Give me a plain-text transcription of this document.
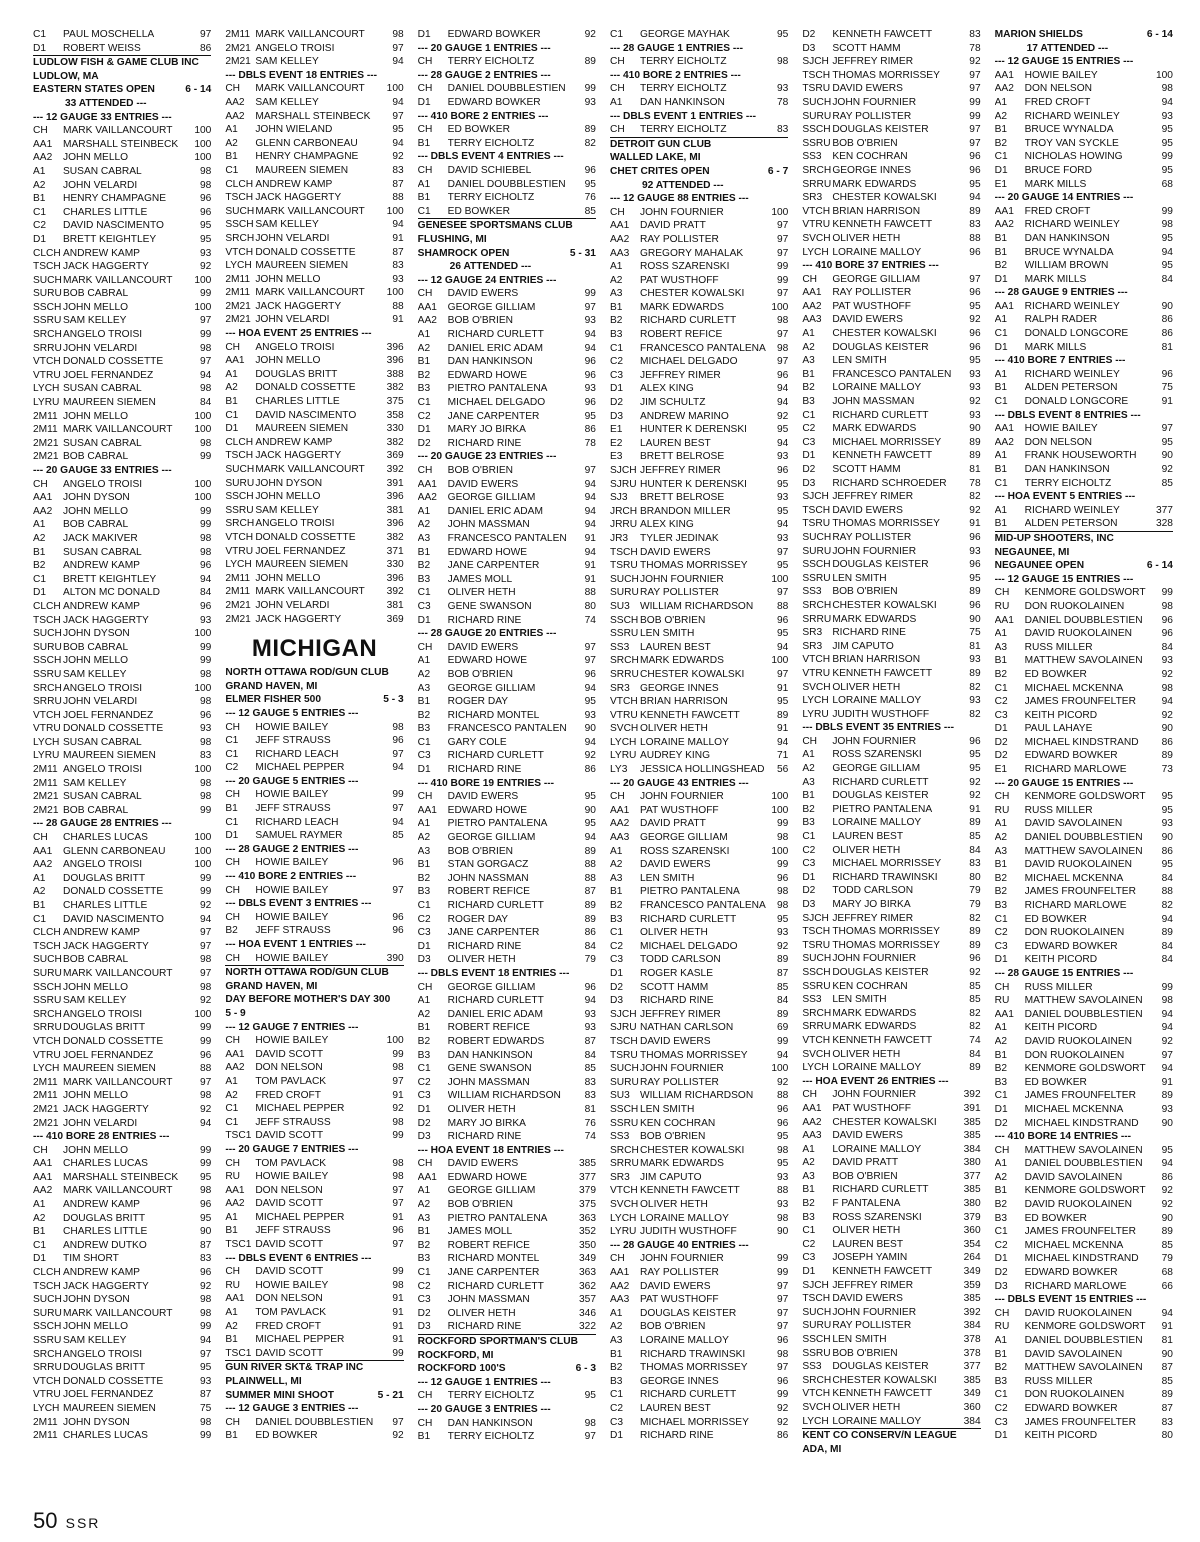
C1	PAUL MOSCHELLA	97
D1	ROBERT WEISS	86
LUDLOW FISH & GAME CLUB INC
LUDLOW, MA
EASTERN STATES OPEN	6 - 14
33 ATTENDED ---
--- 12 GAUGE 33 ENTRIES ---
CH	MARK VAILLANCOURT	100
AA1	MARSHALL STEINBECK	100
AA2	JOHN MELLO	100
A1	SUSAN CABRAL	98
A2	JOHN VELARDI	98
B1	HENRY CHAMPAGNE	96
C1	CHARLES LITTLE	96
C2	DAVID NASCIMENTO	95
D1	BRETT KEIGHTLEY	95
CLCH ANDREW KAMP	93
TSCH JACK HAGGERTY	92
SUCH MARK VAILLANCOURT	100
SURU BOB CABRAL	99
SSCH JOHN MELLO	100
SSRU SAM KELLEY	97
SRCH ANGELO TROISI	99
SRRU JOHN VELARDI	98
VTCH DONALD COSSETTE	97
VTRU JOEL FERNANDEZ	94
LYCH SUSAN CABRAL	98
LYRU MAUREEN SIEMEN	84
2M11 JOHN MELLO	100
2M11 MARK VAILLANCOURT	100
2M21 SUSAN CABRAL	98
2M21 BOB CABRAL	99
--- 20 GAUGE 33 ENTRIES ---
CH	ANGELO TROISI	100
AA1	JOHN DYSON	100
AA2	JOHN MELLO	99
A1	BOB CABRAL	99
A2	JACK MAKIVER	98
B1	SUSAN CABRAL	98
B2	ANDREW KAMP	96
C1	BRETT KEIGHTLEY	94
D1	ALTON MC DONALD	84
CLCH ANDREW KAMP	96
TSCH JACK HAGGERTY	93
SUCH JOHN DYSON	100
SURU BOB CABRAL	99
SSCH JOHN MELLO	99
SSRU SAM KELLEY	98
SRCH ANGELO TROISI	100
SRRU JOHN VELARDI	98
VTCH JOEL FERNANDEZ	96
VTRU DONALD COSSETTE	93
LYCH SUSAN CABRAL	98
LYRU MAUREEN SIEMEN	83
2M11 ANGELO TROISI	100
2M11 SAM KELLEY	98
2M21 SUSAN CABRAL	98
2M21 BOB CABRAL	99
--- 28 GAUGE 28 ENTRIES ---
CH	CHARLES LUCAS	100
AA1	GLENN CARBONEAU	100
AA2	ANGELO TROISI	100
A1	DOUGLAS BRITT	99
A2	DONALD COSSETTE	99
B1	CHARLES LITTLE	92
C1	DAVID NASCIMENTO	94
CLCH ANDREW KAMP	97
TSCH JACK HAGGERTY	97
SUCH BOB CABRAL	98
SURU MARK VAILLANCOURT	97
SSCH JOHN MELLO	98
SSRU SAM KELLEY	92
SRCH ANGELO TROISI	100
SRRU DOUGLAS BRITT	99
VTCH DONALD COSSETTE	99
VTRU JOEL FERNANDEZ	96
LYCH MAUREEN SIEMEN	88
2M11 MARK VAILLANCOURT	97
2M11 JOHN MELLO	98
2M21 JACK HAGGERTY	92
2M21 JOHN VELARDI	94
--- 410 BORE 28 ENTRIES ---
CH	JOHN MELLO	99
AA1	CHARLES LUCAS	99
AA1	MARSHALL STEINBECK	95
AA2	MARK VAILLANCOURT	98
A1	ANDREW KAMP	96
A2	DOUGLAS BRITT	95
B1	CHARLES LITTLE	90
C1	ANDREW DUTKO	87
D1	TIM SHORT	83
CLCH ANDREW KAMP	96
TSCH JACK HAGGERTY	92
SUCH JOHN DYSON	98
SURU MARK VAILLANCOURT	98
SSCH JOHN MELLO	99
SSRU SAM KELLEY	94
SRCH ANGELO TROISI	97
SRRU DOUGLAS BRITT	95
VTCH DONALD COSSETTE	93
VTRU JOEL FERNANDEZ	87
LYCH MAUREEN SIEMEN	75
2M11 JOHN DYSON	98
2M11 CHARLES LUCAS	99
2M11 MARK VAILLANCOURT	98
2M21 ANGELO TROISI	97
2M21 SAM KELLEY	94
--- DBLS EVENT 18 ENTRIES ---
CH	MARK VAILLANCOURT	100
AA2	SAM KELLEY	94
AA2	MARSHALL STEINBECK	97
A1	JOHN WIELAND	95
A2	GLENN CARBONEAU	94
B1	HENRY CHAMPAGNE	92
C1	MAUREEN SIEMEN	83
CLCH ANDREW KAMP	87
TSCH JACK HAGGERTY	88
SUCH MARK VAILLANCOURT	100
SSCH SAM KELLEY	94
SRCH JOHN VELARDI	91
VTCH DONALD COSSETTE	87
LYCH MAUREEN SIEMEN	83
2M11 JOHN MELLO	93
2M11 MARK VAILLANCOURT	100
2M21 JACK HAGGERTY	88
2M21 JOHN VELARDI	91
--- HOA EVENT 25 ENTRIES ---
CH	ANGELO TROISI	396
AA1	JOHN MELLO	396
A1	DOUGLAS BRITT	388
A2	DONALD COSSETTE	382
B1	CHARLES LITTLE	375
C1	DAVID NASCIMENTO	358
D1	MAUREEN SIEMEN	330
CLCH ANDREW KAMP	382
TSCH JACK HAGGERTY	369
SUCH MARK VAILLANCOURT	392
SURU JOHN DYSON	391
SSCH JOHN MELLO	396
SSRU SAM KELLEY	381
SRCH ANGELO TROISI	396
VTCH DONALD COSSETTE	382
VTRU JOEL FERNANDEZ	371
LYCH MAUREEN SIEMEN	330
2M11 JOHN MELLO	396
2M11 MARK VAILLANCOURT	392
2M21 JOHN VELARDI	381
2M21 JACK HAGGERTY	369
MICHIGAN
NORTH OTTAWA ROD/GUN CLUB
GRAND HAVEN, MI
ELMER FISHER 500	5 - 3
--- 12 GAUGE 5 ENTRIES ---
CH	HOWIE BAILEY	98
C1	JEFF STRAUSS	96
C1	RICHARD LEACH	97
C2	MICHAEL PEPPER	94
--- 20 GAUGE 5 ENTRIES ---
CH	HOWIE BAILEY	99
B1	JEFF STRAUSS	97
C1	RICHARD LEACH	94
D1	SAMUEL RAYMER	85
--- 28 GAUGE 2 ENTRIES ---
CH	HOWIE BAILEY	96
--- 410 BORE 2 ENTRIES ---
CH	HOWIE BAILEY	97
--- DBLS EVENT 3 ENTRIES ---
CH	HOWIE BAILEY	96
B2	JEFF STRAUSS	96
--- HOA EVENT 1 ENTRIES ---
CH	HOWIE BAILEY	390
NORTH OTTAWA ROD/GUN CLUB
GRAND HAVEN, MI
DAY BEFORE MOTHER'S DAY 300
5 - 9
--- 12 GAUGE 7 ENTRIES ---
CH	HOWIE BAILEY	100
AA1	DAVID SCOTT	99
AA2	DON NELSON	98
A1	TOM PAVLACK	97
A2	FRED CROFT	91
C1	MICHAEL PEPPER	92
C1	JEFF STRAUSS	98
TSC1 DAVID SCOTT	99
--- 20 GAUGE 7 ENTRIES ---
CH	TOM PAVLACK	98
RU	HOWIE BAILEY	98
AA1	DON NELSON	97
AA2	DAVID SCOTT	97
A1	MICHAEL PEPPER	91
B1	JEFF STRAUSS	96
TSC1 DAVID SCOTT	97
--- DBLS EVENT 6 ENTRIES ---
CH	DAVID SCOTT	99
RU	HOWIE BAILEY	98
AA1	DON NELSON	91
A1	TOM PAVLACK	91
A2	FRED CROFT	91
B1	MICHAEL PEPPER	91
TSC1 DAVID SCOTT	99
GUN RIVER SKT& TRAP INC
PLAINWELL, MI
SUMMER MINI SHOOT	5 - 21
--- 12 GAUGE 3 ENTRIES ---
CH	DANIEL DOUBBLESTIEN	97
B1	ED BOWKER	92
D1	EDWARD BOWKER	92
--- 20 GAUGE 1 ENTRIES ---
CH	TERRY EICHOLTZ	89
--- 28 GAUGE 2 ENTRIES ---
CH	DANIEL DOUBBLESTIEN	99
D1	EDWARD BOWKER	93
--- 410 BORE 2 ENTRIES ---
CH	ED BOWKER	89
B1	TERRY EICHOLTZ	82
--- DBLS EVENT 4 ENTRIES ---
CH	DAVID SCHIEBEL	96
A1	DANIEL DOUBBLESTIEN	95
B1	TERRY EICHOLTZ	76
C1	ED BOWKER	85
GENESEE SPORTSMANS CLUB
FLUSHING, MI
SHAMROCK OPEN	5 - 31
26 ATTENDED ---
--- 12 GAUGE 24 ENTRIES ---
CH	DAVID EWERS	99
AA1	GEORGE GILLIAM	97
AA2	BOB O'BRIEN	93
A1	RICHARD CURLETT	94
A2	DANIEL ERIC ADAM	94
B1	DAN HANKINSON	96
B2	EDWARD HOWE	96
B3	PIETRO PANTALENA	93
C1	MICHAEL DELGADO	96
C2	JANE CARPENTER	95
D1	MARY JO BIRKA	86
D2	RICHARD RINE	78
--- 20 GAUGE 23 ENTRIES ---
CH	BOB O'BRIEN	97
AA1	DAVID EWERS	94
AA2	GEORGE GILLIAM	94
A1	DANIEL ERIC ADAM	94
A2	JOHN MASSMAN	94
A3	FRANCESCO PANTALEN	91
B1	EDWARD HOWE	94
B2	JANE CARPENTER	91
B3	JAMES MOLL	91
C1	OLIVER HETH	88
C3	GENE SWANSON	80
D1	RICHARD RINE	74
--- 28 GAUGE 20 ENTRIES ---
CH	DAVID EWERS	97
A1	EDWARD HOWE	97
A2	BOB O'BRIEN	96
A3	GEORGE GILLIAM	94
B1	ROGER DAY	95
B2	RICHARD MONTEL	93
B3	FRANCESCO PANTALEN	90
C1	GARY COLE	94
C3	RICHARD CURLETT	92
D1	RICHARD RINE	86
--- 410 BORE 19 ENTRIES ---
CH	DAVID EWERS	95
AA1	EDWARD HOWE	90
A1	PIETRO PANTALENA	95
A2	GEORGE GILLIAM	94
A3	BOB O'BRIEN	89
B1	STAN GORGACZ	88
B2	JOHN NASSMAN	88
B3	ROBERT REFICE	87
C1	RICHARD CURLETT	89
C2	ROGER DAY	89
C3	JANE CARPENTER	86
D1	RICHARD RINE	84
D3	OLIVER HETH	79
--- DBLS EVENT 18 ENTRIES ---
CH	GEORGE GILLIAM	96
A1	RICHARD CURLETT	94
A2	DANIEL ERIC ADAM	93
B1	ROBERT REFICE	93
B2	ROBERT EDWARDS	87
B3	DAN HANKINSON	84
C1	GENE SWANSON	85
C2	JOHN MASSMAN	83
C3	WILLIAM RICHARDSON	83
D1	OLIVER HETH	81
D2	MARY JO BIRKA	76
D3	RICHARD RINE	74
--- HOA EVENT 18 ENTRIES ---
CH	DAVID EWERS	385
AA1	EDWARD HOWE	377
A1	GEORGE GILLIAM	379
A2	BOB O'BRIEN	375
A3	PIETRO PANTALENA	363
B1	JAMES MOLL	352
B2	ROBERT REFICE	350
B3	RICHARD MONTEL	349
C1	JANE CARPENTER	363
C2	RICHARD CURLETT	362
C3	JOHN MASSMAN	357
D2	OLIVER HETH	346
D3	RICHARD RINE	322
ROCKFORD SPORTMAN'S CLUB
ROCKFORD, MI
ROCKFORD 100'S	6 - 3
--- 12 GAUGE 1 ENTRIES ---
CH	TERRY EICHOLTZ	95
--- 20 GAUGE 3 ENTRIES ---
CH	DAN HANKINSON	98
B1	TERRY EICHOLTZ	97
C1	GEORGE MAYHAK	95
--- 28 GAUGE 1 ENTRIES ---
CH	TERRY EICHOLTZ	98
--- 410 BORE 2 ENTRIES ---
CH	TERRY EICHOLTZ	93
A1	DAN HANKINSON	78
--- DBLS EVENT 1 ENTRIES ---
CH	TERRY EICHOLTZ	83
DETROIT GUN CLUB
WALLED LAKE, MI
CHET CRITES OPEN	6 - 7
92 ATTENDED ---
--- 12 GAUGE 88 ENTRIES ---
CH	JOHN FOURNIER	100
AA1	DAVID PRATT	97
AA2	RAY POLLISTER	97
AA3	GREGORY MAHALAK	97
A1	ROSS SZARENSKI	99
A2	PAT WUSTHOFF	99
A3	CHESTER KOWALSKI	97
B1	MARK EDWARDS	100
B2	RICHARD CURLETT	98
B3	ROBERT REFICE	97
C1	FRANCESCO PANTALENA	98
C2	MICHAEL DELGADO	97
C3	JEFFREY RIMER	96
D1	ALEX KING	94
D2	JIM SCHULTZ	94
D3	ANDREW MARINO	92
E1	HUNTER K DERENSKI	95
E2	LAUREN BEST	94
E3	BRETT BELROSE	93
SJCH JEFFREY RIMER	96
SJRU HUNTER K DERENSKI	95
SJ3	BRETT BELROSE	93
JRCH BRANDON MILLER	95
JRRU ALEX KING	94
JR3	TYLER JEDINAK	93
TSCH DAVID EWERS	97
TSRU THOMAS MORRISSEY	95
SUCH JOHN FOURNIER	100
SURU RAY POLLISTER	97
SU3 WILLIAM RICHARDSON	88
SSCH BOB O'BRIEN	96
SSRU LEN SMITH	95
SS3	LAUREN BEST	94
SRCH MARK EDWARDS	100
SRRU CHESTER KOWALSKI	97
SR3 GEORGE INNES	91
VTCH BRIAN HARRISON	95
VTRU KENNETH FAWCETT	89
SVCH OLIVER HETH	91
LYCH LORAINE MALLOY	94
LYRU AUDREY KING	71
LY3	JESSICA HOLLINGSHEAD	56
--- 20 GAUGE 43 ENTRIES ---
CH	JOHN FOURNIER	100
AA1	PAT WUSTHOFF	100
AA2	DAVID PRATT	99
AA3	GEORGE GILLIAM	98
A1	ROSS SZARENSKI	100
A2	DAVID EWERS	99
A3	LEN SMITH	96
B1	PIETRO PANTALENA	98
B2	FRANCESCO PANTALENA	98
B3	RICHARD CURLETT	95
C1	OLIVER HETH	93
C2	MICHAEL DELGADO	92
C3	TODD CARLSON	89
D1	ROGER KASLE	87
D2	SCOTT HAMM	85
D3	RICHARD RINE	84
SJCH JEFFREY RIMER	89
SJRU NATHAN CARLSON	69
TSCH DAVID EWERS	99
TSRU THOMAS MORRISSEY	94
SUCH JOHN FOURNIER	100
SURU RAY POLLISTER	92
SU3 WILLIAM RICHARDSON	88
SSCH LEN SMITH	96
SSRU KEN COCHRAN	96
SS3	BOB O'BRIEN	95
SRCH CHESTER KOWALSKI	98
SRRU MARK EDWARDS	95
SR3 JIM CAPUTO	93
VTCH KENNETH FAWCETT	88
SVCH OLIVER HETH	93
LYCH LORAINE MALLOY	98
LYRU JUDITH WUSTHOFF	90
--- 28 GAUGE 40 ENTRIES ---
CH	JOHN FOURNIER	99
AA1	RAY POLLISTER	99
AA2	DAVID EWERS	97
AA3	PAT WUSTHOFF	97
A1	DOUGLAS KEISTER	97
A2	BOB O'BRIEN	97
A3	LORAINE MALLOY	96
B1	RICHARD TRAWINSKI	98
B2	THOMAS MORRISSEY	97
B3	GEORGE INNES	96
C1	RICHARD CURLETT	99
C2	LAUREN BEST	92
C3	MICHAEL MORRISSEY	92
D1	RICHARD RINE	86
D2	KENNETH FAWCETT	83
D3	SCOTT HAMM	78
SJCH JEFFREY RIMER	92
TSCH THOMAS MORRISSEY	97
TSRU DAVID EWERS	97
SUCH JOHN FOURNIER	99
SURU RAY POLLISTER	99
SSCH DOUGLAS KEISTER	97
SSRU BOB O'BRIEN	97
SS3	KEN COCHRAN	96
SRCH GEORGE INNES	96
SRRU MARK EDWARDS	95
SR3 CHESTER KOWALSKI	94
VTCH BRIAN HARRISON	89
VTRU KENNETH FAWCETT	83
SVCH OLIVER HETH	88
LYCH LORAINE MALLOY	96
--- 410 BORE 37 ENTRIES ---
CH	GEORGE GILLIAM	97
AA1	RAY POLLISTER	96
AA2	PAT WUSTHOFF	95
AA3	DAVID EWERS	92
A1	CHESTER KOWALSKI	96
A2	DOUGLAS KEISTER	96
A3	LEN SMITH	95
B1	FRANCESCO PANTALEN	93
B2	LORAINE MALLOY	93
B3	JOHN MASSMAN	92
C1	RICHARD CURLETT	93
C2	MARK EDWARDS	90
C3	MICHAEL MORRISSEY	89
D1	KENNETH FAWCETT	89
D2	SCOTT HAMM	81
D3	RICHARD SCHROEDER	78
SJCH JEFFREY RIMER	82
TSCH DAVID EWERS	92
TSRU THOMAS MORRISSEY	91
SUCH RAY POLLISTER	96
SURU JOHN FOURNIER	93
SSCH DOUGLAS KEISTER	96
SSRU LEN SMITH	95
SS3	BOB O'BRIEN	89
SRCH CHESTER KOWALSKI	96
SRRU MARK EDWARDS	90
SR3 RICHARD RINE	75
SR3 JIM CAPUTO	81
VTCH BRIAN HARRISON	93
VTRU KENNETH FAWCETT	89
SVCH OLIVER HETH	82
LYCH LORAINE MALLOY	93
LYRU JUDITH WUSTHOFF	82
--- DBLS EVENT 35 ENTRIES ---
CH	JOHN FOURNIER	96
A1	ROSS SZARENSKI	95
A2	GEORGE GILLIAM	95
A3	RICHARD CURLETT	92
B1	DOUGLAS KEISTER	92
B2	PIETRO PANTALENA	91
B3	LORAINE MALLOY	89
C1	LAUREN BEST	85
C2	OLIVER HETH	84
C3	MICHAEL MORRISSEY	83
D1	RICHARD TRAWINSKI	80
D2	TODD CARLSON	79
D3	MARY JO BIRKA	79
SJCH JEFFREY RIMER	82
TSCH THOMAS MORRISSEY	89
TSRU THOMAS MORRISSEY	89
SUCH JOHN FOURNIER	96
SSCH DOUGLAS KEISTER	92
SSRU KEN COCHRAN	85
SS3	LEN SMITH	85
SRCH MARK EDWARDS	82
SRRU MARK EDWARDS	82
VTCH KENNETH FAWCETT	74
SVCH OLIVER HETH	84
LYCH LORAINE MALLOY	89
--- HOA EVENT 26 ENTRIES ---
CH	JOHN FOURNIER	392
AA1	PAT WUSTHOFF	391
AA2	CHESTER KOWALSKI	385
AA3	DAVID EWERS	385
A1	LORAINE MALLOY	384
A2	DAVID PRATT	380
A3	BOB O'BRIEN	377
B1	RICHARD CURLETT	385
B2	F PANTALENA	380
B3	ROSS SZARENSKI	379
C1	OLIVER HETH	360
C2	LAUREN BEST	354
C3	JOSEPH YAMIN	264
D1	KENNETH FAWCETT	349
SJCH JEFFREY RIMER	359
TSCH DAVID EWERS	385
SUCH JOHN FOURNIER	392
SURU RAY POLLISTER	384
SSCH LEN SMITH	378
SSRU BOB O'BRIEN	378
SS3	DOUGLAS KEISTER	377
SRCH CHESTER KOWALSKI	385
VTCH KENNETH FAWCETT	349
SVCH OLIVER HETH	360
LYCH LORAINE MALLOY	384
KENT CO CONSERV/N LEAGUE
ADA, MI
MARION SHIELDS	6 - 14
17 ATTENDED ---
--- 12 GAUGE 15 ENTRIES ---
AA1	HOWIE BAILEY	100
AA2	DON NELSON	98
A1	FRED CROFT	94
A2	RICHARD WEINLEY	93
B1	BRUCE WYNALDA	95
B2	TROY VAN SYCKLE	95
C1	NICHOLAS HOWING	99
D1	BRUCE FORD	95
E1	MARK MILLS	68
--- 20 GAUGE 14 ENTRIES ---
AA1	FRED CROFT	99
AA2	RICHARD WEINLEY	98
B1	DAN HANKINSON	95
B1	BRUCE WYNALDA	94
B2	WILLIAM BROWN	95
D1	MARK MILLS	84
--- 28 GAUGE 9 ENTRIES ---
AA1	RICHARD WEINLEY	90
A1	RALPH RADER	86
C1	DONALD LONGCORE	86
D1	MARK MILLS	81
--- 410 BORE 7 ENTRIES ---
A1	RICHARD WEINLEY	96
B1	ALDEN PETERSON	75
C1	DONALD LONGCORE	91
--- DBLS EVENT 8 ENTRIES ---
AA1	HOWIE BAILEY	97
AA2	DON NELSON	95
A1	FRANK HOUSEWORTH	90
B1	DAN HANKINSON	92
C1	TERRY EICHOLTZ	85
--- HOA EVENT 5 ENTRIES ---
A1	RICHARD WEINLEY	377
B1	ALDEN PETERSON	328
MID-UP SHOOTERS, INC
NEGAUNEE, MI
NEGAUNEE OPEN	6 - 14
--- 12 GAUGE 15 ENTRIES ---
CH	KENMORE GOLDSWORT	99
RU	DON RUOKOLAINEN	98
AA1	DANIEL DOUBBLESTIEN	96
A1	DAVID RUOKOLAINEN	96
A3	RUSS MILLER	84
B1	MATTHEW SAVOLAINEN	93
B2	ED BOWKER	92
C1	MICHAEL MCKENNA	98
C2	JAMES FROUNFELTER	94
C3	KEITH PICORD	92
D1	PAUL LAHAYE	90
D2	MICHAEL KINDSTRAND	86
D2	EDWARD BOWKER	89
E1	RICHARD MARLOWE	73
--- 20 GAUGE 15 ENTRIES ---
CH	KENMORE GOLDSWORT	95
RU	RUSS MILLER	95
A1	DAVID SAVOLAINEN	93
A2	DANIEL DOUBBLESTIEN	90
A3	MATTHEW SAVOLAINEN	86
B1	DAVID RUOKOLAINEN	95
B2	MICHAEL MCKENNA	84
B2	JAMES FROUNFELTER	88
B3	RICHARD MARLOWE	82
C1	ED BOWKER	94
C2	DON RUOKOLAINEN	89
C3	EDWARD BOWKER	84
D1	KEITH PICORD	84
--- 28 GAUGE 15 ENTRIES ---
CH	RUSS MILLER	99
RU	MATTHEW SAVOLAINEN	98
AA1	DANIEL DOUBBLESTIEN	94
A1	KEITH PICORD	94
A2	DAVID RUOKOLAINEN	92
B1	DON RUOKOLAINEN	97
B2	KENMORE GOLDSWORT	94
B3	ED BOWKER	91
C1	JAMES FROUNFELTER	89
D1	MICHAEL MCKENNA	93
D2	MICHAEL KINDSTRAND	90
--- 410 BORE 14 ENTRIES ---
CH	MATTHEW SAVOLAINEN	95
A1	DANIEL DOUBBLESTIEN	94
A2	DAVID SAVOLAINEN	86
B1	KENMORE GOLDSWORT	92
B2	DAVID RUOKOLAINEN	92
B3	ED BOWKER	90
C1	JAMES FROUNFELTER	89
C2	MICHAEL MCKENNA	85
D1	MICHAEL KINDSTRAND	79
D2	EDWARD BOWKER	68
D3	RICHARD MARLOWE	66
--- DBLS EVENT 15 ENTRIES ---
CH	DAVID RUOKOLAINEN	94
RU	KENMORE GOLDSWORT	91
A1	DANIEL DOUBBLESTIEN	81
B1	DAVID SAVOLAINEN	90
B2	MATTHEW SAVOLAINEN	87
B3	RUSS MILLER	85
C1	DON RUOKOLAINEN	89
C2	EDWARD BOWKER	87
C3	JAMES FROUNFELTER	83
D1	KEITH PICORD	80
50 SSR
